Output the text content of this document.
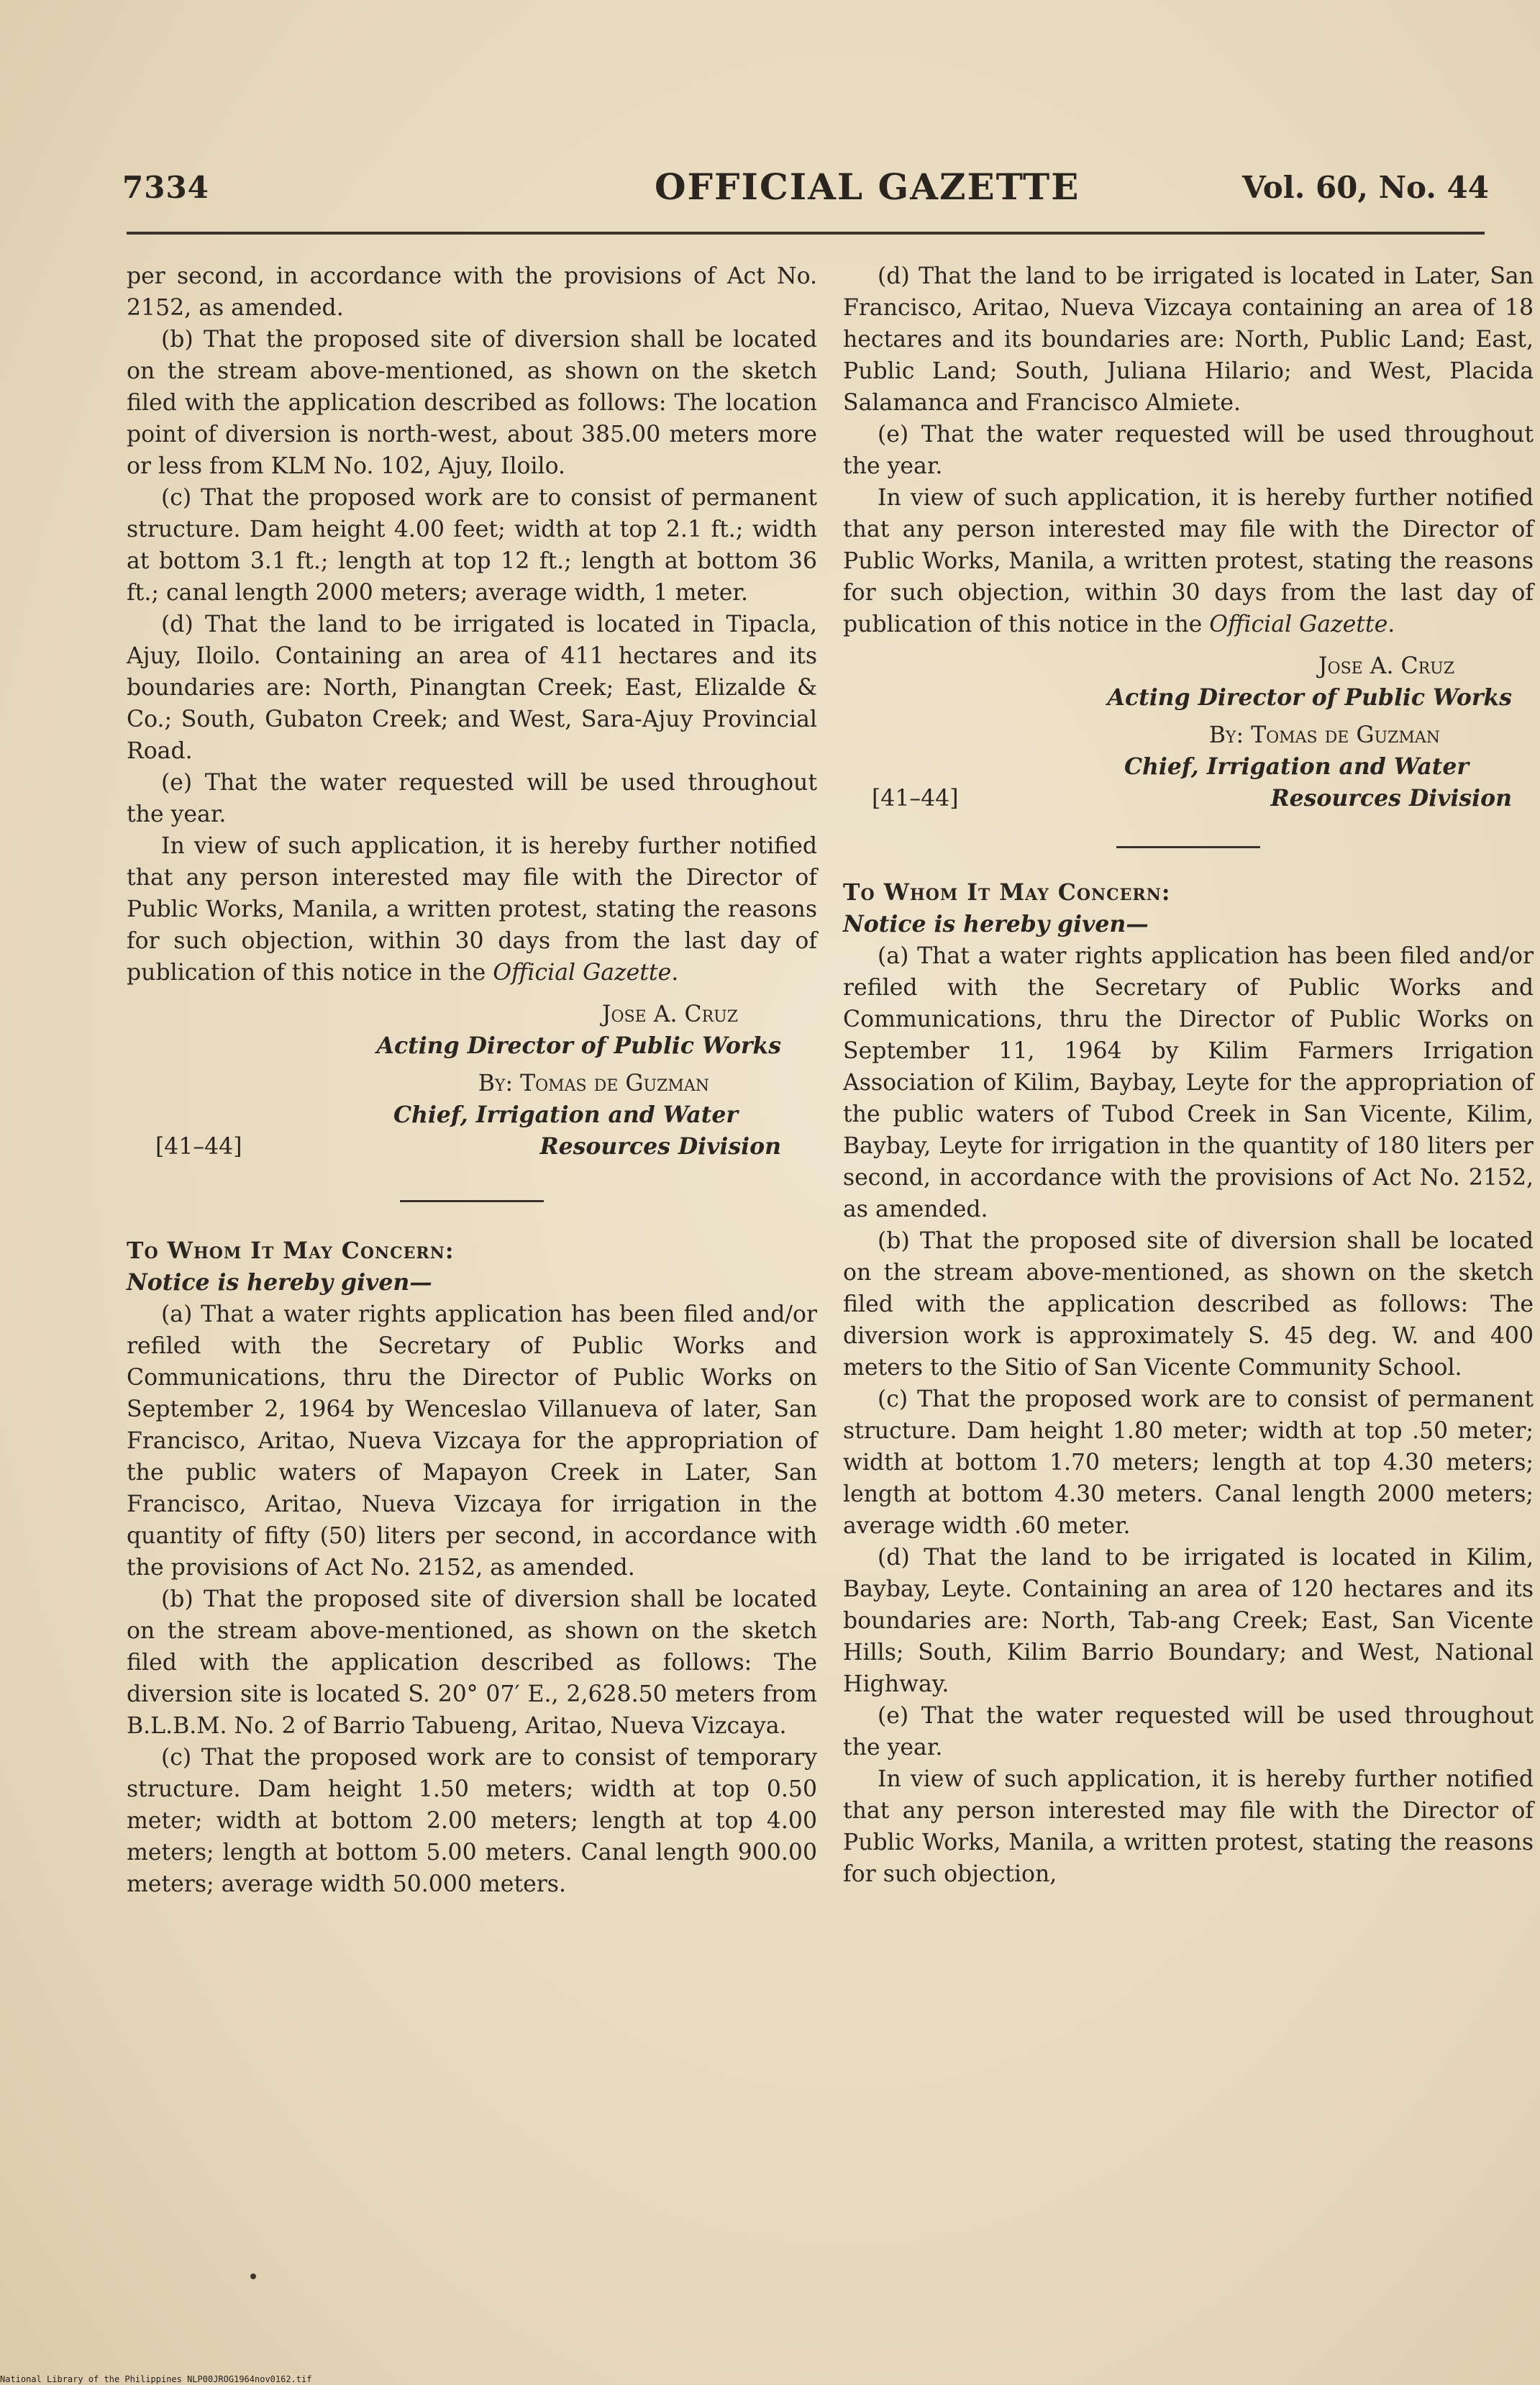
7334	OFFICIAL GAZETTE	Vol. 60, No. 44

per second, in accordance with the provisions of Act No. 2152, as amended.

(b) That the proposed site of diversion shall be located on the stream above-mentioned, as shown on the sketch filed with the application described as follows: The location point of diversion is north-west, about 385.00 meters more or less from KLM No. 102, Ajuy, Iloilo.

(c) That the proposed work are to consist of permanent structure. Dam height 4.00 feet; width at top 2.1 ft.; width at bottom 3.1 ft.; length at top 12 ft.; length at bottom 36 ft.; canal length 2000 meters; average width, 1 meter.

(d) That the land to be irrigated is located in Tipacla, Ajuy, Iloilo. Containing an area of 411 hectares and its boundaries are: North, Pinangtan Creek; East, Elizalde & Co.; South, Gubaton Creek; and West, Sara-Ajuy Provincial Road.

(e) That the water requested will be used throughout the year.

In view of such application, it is hereby further notified that any person interested may file with the Director of Public Works, Manila, a written protest, stating the reasons for such objection, within 30 days from the last day of publication of this notice in the Official Gazette.

Jose A. Cruz
Acting Director of Public Works
By: Tomas de Guzman
Chief, Irrigation and Water
[41–44]	Resources Division

To Whom It May Concern:

Notice is hereby given—

(a) That a water rights application has been filed and/or refiled with the Secretary of Public Works and Communications, thru the Director of Public Works on September 2, 1964 by Wenceslao Villanueva of later, San Francisco, Aritao, Nueva Vizcaya for the appropriation of the public waters of Mapayon Creek in Later, San Francisco, Aritao, Nueva Vizcaya for irrigation in the quantity of fifty (50) liters per second, in accordance with the provisions of Act No. 2152, as amended.

(b) That the proposed site of diversion shall be located on the stream above-mentioned, as shown on the sketch filed with the application described as follows: The diversion site is located S. 20° 07′ E., 2,628.50 meters from B.L.B.M. No. 2 of Barrio Tabueng, Aritao, Nueva Vizcaya.

(c) That the proposed work are to consist of temporary structure. Dam height 1.50 meters; width at top 0.50 meter; width at bottom 2.00 meters; length at top 4.00 meters; length at bottom 5.00 meters. Canal length 900.00 meters; average width 50.000 meters.

(d) That the land to be irrigated is located in Later, San Francisco, Aritao, Nueva Vizcaya containing an area of 18 hectares and its boundaries are: North, Public Land; East, Public Land; South, Juliana Hilario; and West, Placida Salamanca and Francisco Almiete.

(e) That the water requested will be used throughout the year.

In view of such application, it is hereby further notified that any person interested may file with the Director of Public Works, Manila, a written protest, stating the reasons for such objection, within 30 days from the last day of publication of this notice in the Official Gazette.

Jose A. Cruz
Acting Director of Public Works
By: Tomas de Guzman
Chief, Irrigation and Water
[41–44]	Resources Division

To Whom It May Concern:

Notice is hereby given—

(a) That a water rights application has been filed and/or refiled with the Secretary of Public Works and Communications, thru the Director of Public Works on September 11, 1964 by Kilim Farmers Irrigation Association of Kilim, Baybay, Leyte for the appropriation of the public waters of Tubod Creek in San Vicente, Kilim, Baybay, Leyte for irrigation in the quantity of 180 liters per second, in accordance with the provisions of Act No. 2152, as amended.

(b) That the proposed site of diversion shall be located on the stream above-mentioned, as shown on the sketch filed with the application described as follows: The diversion work is approximately S. 45 deg. W. and 400 meters to the Sitio of San Vicente Community School.

(c) That the proposed work are to consist of permanent structure. Dam height 1.80 meter; width at top .50 meter; width at bottom 1.70 meters; length at top 4.30 meters; length at bottom 4.30 meters. Canal length 2000 meters; average width .60 meter.

(d) That the land to be irrigated is located in Kilim, Baybay, Leyte. Containing an area of 120 hectares and its boundaries are: North, Tab-ang Creek; East, San Vicente Hills; South, Kilim Barrio Boundary; and West, National Highway.

(e) That the water requested will be used throughout the year.

In view of such application, it is hereby further notified that any person interested may file with the Director of Public Works, Manila, a written protest, stating the reasons for such objection,

National Library of the Philippines NLP00JROG1964nov0162.tif
